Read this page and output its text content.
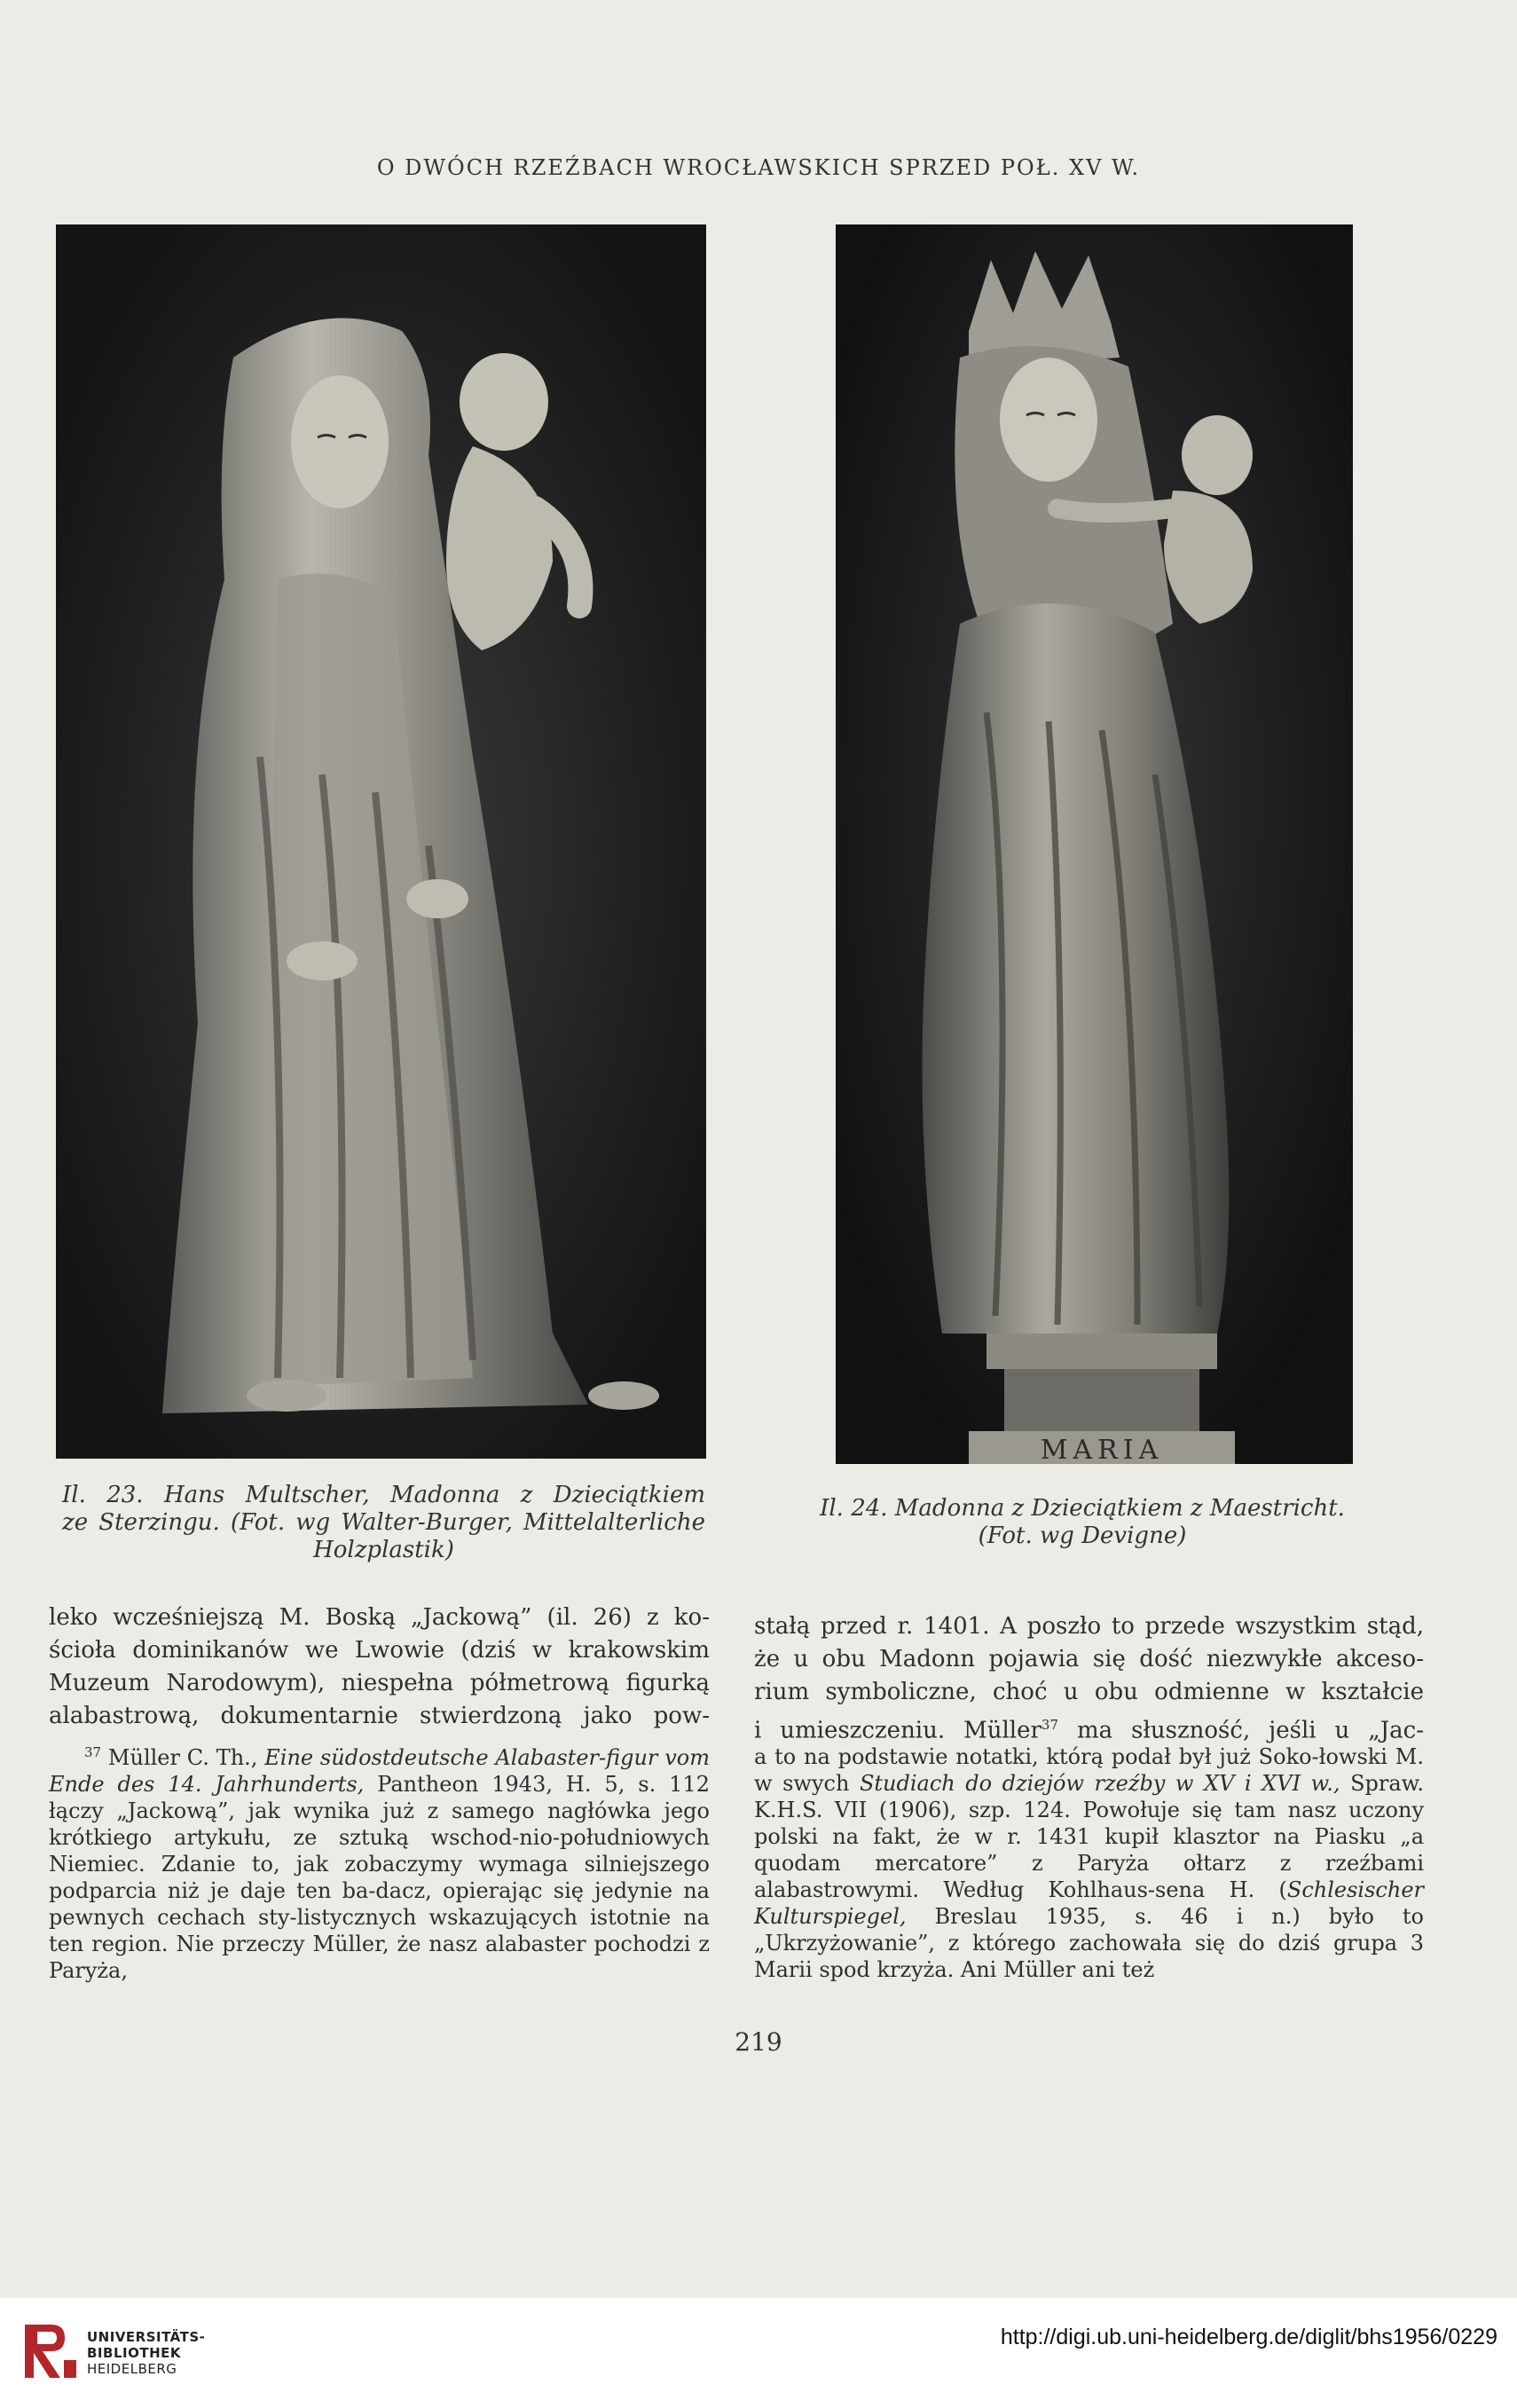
O DWÓCH RZEŹBACH WROCŁAWSKICH SPRZED POŁ. XV W.
MARIA
Il. 23. Hans Multscher, Madonna z Dzieciątkiem
ze Sterzingu. (Fot. wg Walter-Burger, Mittelalterliche
Holzplastik)
Il. 24. Madonna z Dzieciątkiem z Maestricht.
(Fot. wg Devigne)

leko wcześniejszą M. Boską „Jackową” (il. 26) z ko-

ścioła dominikanów we Lwowie (dziś w krakowskim

Muzeum Narodowym), niespełna półmetrową figurką

alabastrową, dokumentarnie stwierdzoną jako pow-

$^{37}$ Müller C. Th., Eine südostdeutsche Alabaster-figur vom Ende des 14. Jahrhunderts, Pantheon 1943, H. 5, s. 112 łączy „Jackową”, jak wynika już z samego nagłówka jego krótkiego artykułu, ze sztuką wschod-nio-południowych Niemiec. Zdanie to, jak zobaczymy wymaga silniejszego podparcia niż je daje ten ba-dacz, opierając się jedynie na pewnych cechach sty-listycznych wskazujących istotnie na ten region. Nie przeczy Müller, że nasz alabaster pochodzi z Paryża,

stałą przed r. 1401. A poszło to przede wszystkim stąd,

że u obu Madonn pojawia się dość niezwykłe akceso-

rium symboliczne, choć u obu odmienne w kształcie

i umieszczeniu. Müller$^{37}$ ma słuszność, jeśli u „Jac-

a to na podstawie notatki, którą podał był już Soko-łowski M. w swych Studiach do dziejów rzeźby w XV i XVI w., Spraw. K.H.S. VII (1906), szp. 124. Powołuje się tam nasz uczony polski na fakt, że w r. 1431 kupił klasztor na Piasku „a quodam mercatore” z Paryża ołtarz z rzeźbami alabastrowymi. Według Kohlhaus-sena H. (Schlesischer Kulturspiegel, Breslau 1935, s. 46 i n.) było to „Ukrzyżowanie”, z którego zachowała się do dziś grupa 3 Marii spod krzyża. Ani Müller ani też

219
UNIVERSITÄTS-
BIBLIOTHEK
HEIDELBERG
http://digi.ub.uni-heidelberg.de/diglit/bhs1956/0229
